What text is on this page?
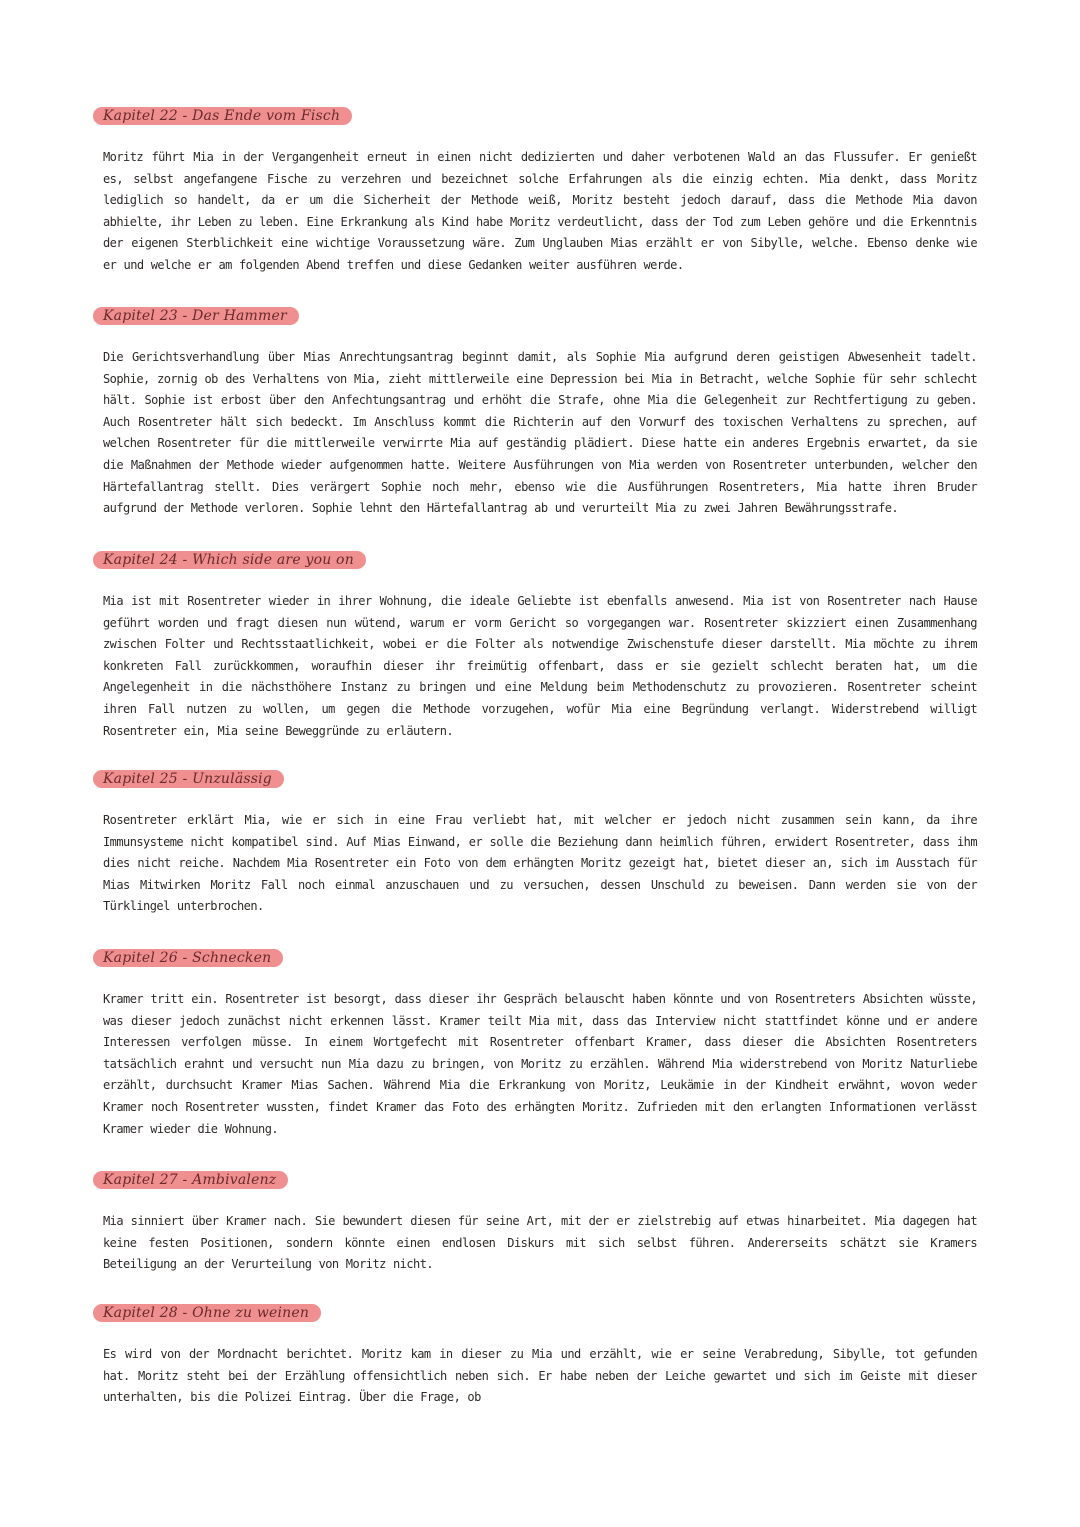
Kapitel 22 - Das Ende vom Fisch

Moritz führt Mia in der Vergangenheit erneut in einen nicht dedizierten und daher verbotenen Wald an das Flussufer. Er genießt es, selbst angefangene Fische zu verzehren und bezeichnet solche Erfahrungen als die einzig echten. Mia denkt, dass Moritz lediglich so handelt, da er um die Sicherheit der Methode weiß, Moritz besteht jedoch darauf, dass die Methode Mia davon abhielte, ihr Leben zu leben. Eine Erkrankung als Kind habe Moritz verdeutlicht, dass der Tod zum Leben gehöre und die Erkenntnis der eigenen Sterblichkeit eine wichtige Voraussetzung wäre. Zum Unglauben Mias erzählt er von Sibylle, welche. Ebenso denke wie er und welche er am folgenden Abend treffen und diese Gedanken weiter ausführen werde.

Kapitel 23 - Der Hammer

Die Gerichtsverhandlung über Mias Anrechtungsantrag beginnt damit, als Sophie Mia aufgrund deren geistigen Abwesenheit tadelt. Sophie, zornig ob des Verhaltens von Mia, zieht mittlerweile eine Depression bei Mia in Betracht, welche Sophie für sehr schlecht hält. Sophie ist erbost über den Anfechtungsantrag und erhöht die Strafe, ohne Mia die Gelegenheit zur Rechtfertigung zu geben. Auch Rosentreter hält sich bedeckt. Im Anschluss kommt die Richterin auf den Vorwurf des toxischen Verhaltens zu sprechen, auf welchen Rosentreter für die mittlerweile verwirrte Mia auf geständig plädiert. Diese hatte ein anderes Ergebnis erwartet, da sie die Maßnahmen der Methode wieder aufgenommen hatte. Weitere Ausführungen von Mia werden von Rosentreter unterbunden, welcher den Härtefallantrag stellt. Dies verärgert Sophie noch mehr, ebenso wie die Ausführungen Rosentreters, Mia hatte ihren Bruder aufgrund der Methode verloren. Sophie lehnt den Härtefallantrag ab und verurteilt Mia zu zwei Jahren Bewährungsstrafe.

Kapitel 24 - Which side are you on

Mia ist mit Rosentreter wieder in ihrer Wohnung, die ideale Geliebte ist ebenfalls anwesend. Mia ist von Rosentreter nach Hause geführt worden und fragt diesen nun wütend, warum er vorm Gericht so vorgegangen war. Rosentreter skizziert einen Zusammenhang zwischen Folter und Rechtsstaatlichkeit, wobei er die Folter als notwendige Zwischenstufe dieser darstellt. Mia möchte zu ihrem konkreten Fall zurückkommen, woraufhin dieser ihr freimütig offenbart, dass er sie gezielt schlecht beraten hat, um die Angelegenheit in die nächsthöhere Instanz zu bringen und eine Meldung beim Methodenschutz zu provozieren. Rosentreter scheint ihren Fall nutzen zu wollen, um gegen die Methode vorzugehen, wofür Mia eine Begründung verlangt. Widerstrebend willigt Rosentreter ein, Mia seine Beweggründe zu erläutern.

Kapitel 25 - Unzulässig

Rosentreter erklärt Mia, wie er sich in eine Frau verliebt hat, mit welcher er jedoch nicht zusammen sein kann, da ihre Immunsysteme nicht kompatibel sind. Auf Mias Einwand, er solle die Beziehung dann heimlich führen, erwidert Rosentreter, dass ihm dies nicht reiche. Nachdem Mia Rosentreter ein Foto von dem erhängten Moritz gezeigt hat, bietet dieser an, sich im Ausstach für Mias Mitwirken Moritz Fall noch einmal anzuschauen und zu versuchen, dessen Unschuld zu beweisen. Dann werden sie von der Türklingel unterbrochen.

Kapitel 26 - Schnecken

Kramer tritt ein. Rosentreter ist besorgt, dass dieser ihr Gespräch belauscht haben könnte und von Rosentreters Absichten wüsste, was dieser jedoch zunächst nicht erkennen lässt. Kramer teilt Mia mit, dass das Interview nicht stattfindet könne und er andere Interessen verfolgen müsse. In einem Wortgefecht mit Rosentreter offenbart Kramer, dass dieser die Absichten Rosentreters tatsächlich erahnt und versucht nun Mia dazu zu bringen, von Moritz zu erzählen. Während Mia widerstrebend von Moritz Naturliebe erzählt, durchsucht Kramer Mias Sachen. Während Mia die Erkrankung von Moritz, Leukämie in der Kindheit erwähnt, wovon weder Kramer noch Rosentreter wussten, findet Kramer das Foto des erhängten Moritz. Zufrieden mit den erlangten Informationen verlässt Kramer wieder die Wohnung.

Kapitel 27 - Ambivalenz

Mia sinniert über Kramer nach. Sie bewundert diesen für seine Art, mit der er zielstrebig auf etwas hinarbeitet. Mia dagegen hat keine festen Positionen, sondern könnte einen endlosen Diskurs mit sich selbst führen. Andererseits schätzt sie Kramers Beteiligung an der Verurteilung von Moritz nicht.

Kapitel 28 - Ohne zu weinen

Es wird von der Mordnacht berichtet. Moritz kam in dieser zu Mia und erzählt, wie er seine Verabredung, Sibylle, tot gefunden hat. Moritz steht bei der Erzählung offensichtlich neben sich. Er habe neben der Leiche gewartet und sich im Geiste mit dieser unterhalten, bis die Polizei Eintrag. Über die Frage, ob
